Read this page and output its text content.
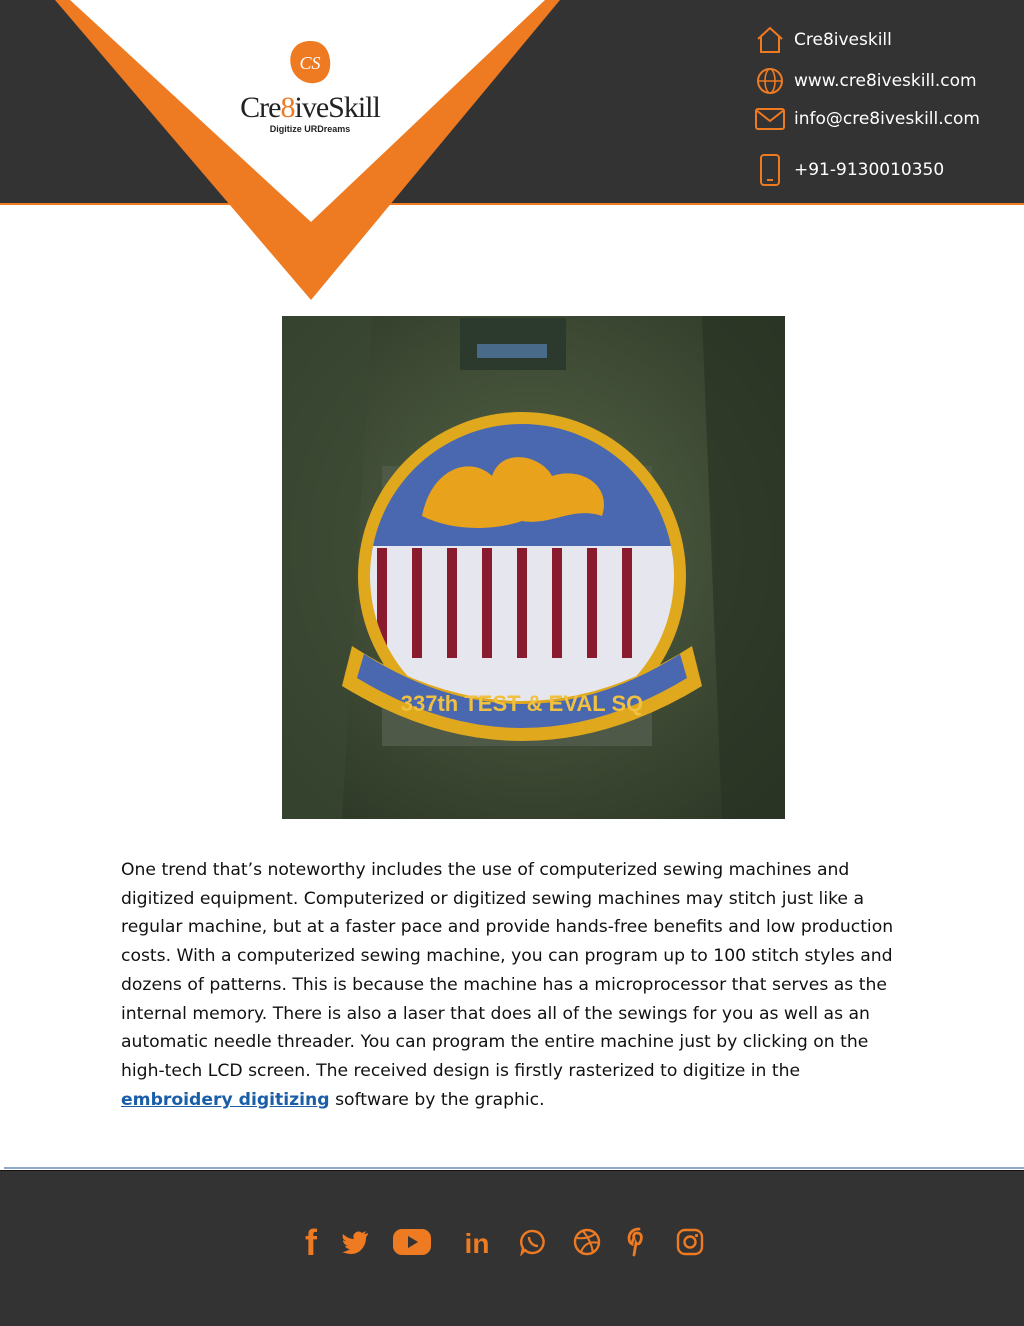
CS
Cre8iveSkill
Digitize URDreams
Cre8iveskill
www.cre8iveskill.com
info@cre8iveskill.com
+91-9130010350
337th TEST & EVAL SQ
One trend that’s noteworthy includes the use of computerized sewing machines and digitized equipment. Computerized or digitized sewing machines may stitch just like a regular machine, but at a faster pace and provide hands-free benefits and low production costs. With a computerized sewing machine, you can program up to 100 stitch styles and dozens of patterns. This is because the machine has a microprocessor that serves as the internal memory. There is also a laser that does all of the sewings for you as well as an automatic needle threader. You can program the entire machine just by clicking on the high-tech LCD screen. The received design is firstly rasterized to digitize in the embroidery digitizing software by the graphic.
f	in
